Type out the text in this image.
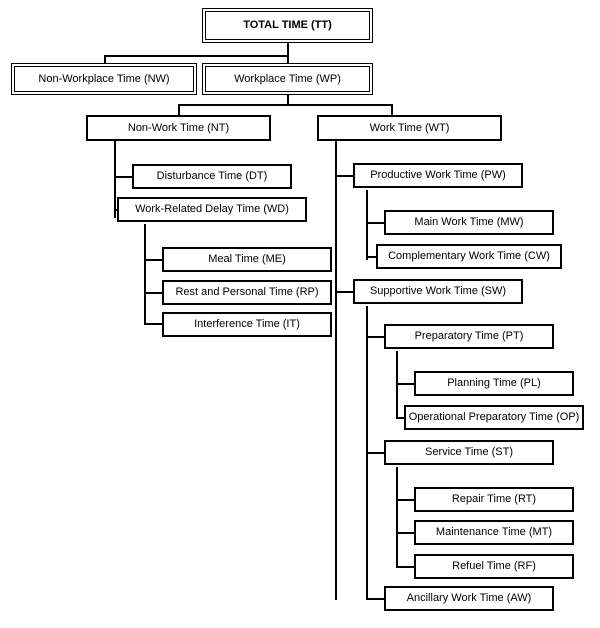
TOTAL TIME (TT)
Non-Workplace Time (NW)	Workplace Time (WP)
Non-Work Time (NT)	Work Time (WT)
Disturbance Time (DT)
Work-Related Delay Time (WD)
Meal Time (ME)
Rest and Personal Time (RP)
Interference Time (IT)
Productive Work Time (PW)
Main Work Time (MW)
Complementary Work Time (CW)
Supportive Work Time (SW)
Preparatory Time (PT)
Planning Time (PL)
Operational Preparatory Time (OP)
Service Time (ST)
Repair Time (RT)
Maintenance Time (MT)
Refuel Time (RF)
Ancillary Work Time (AW)
